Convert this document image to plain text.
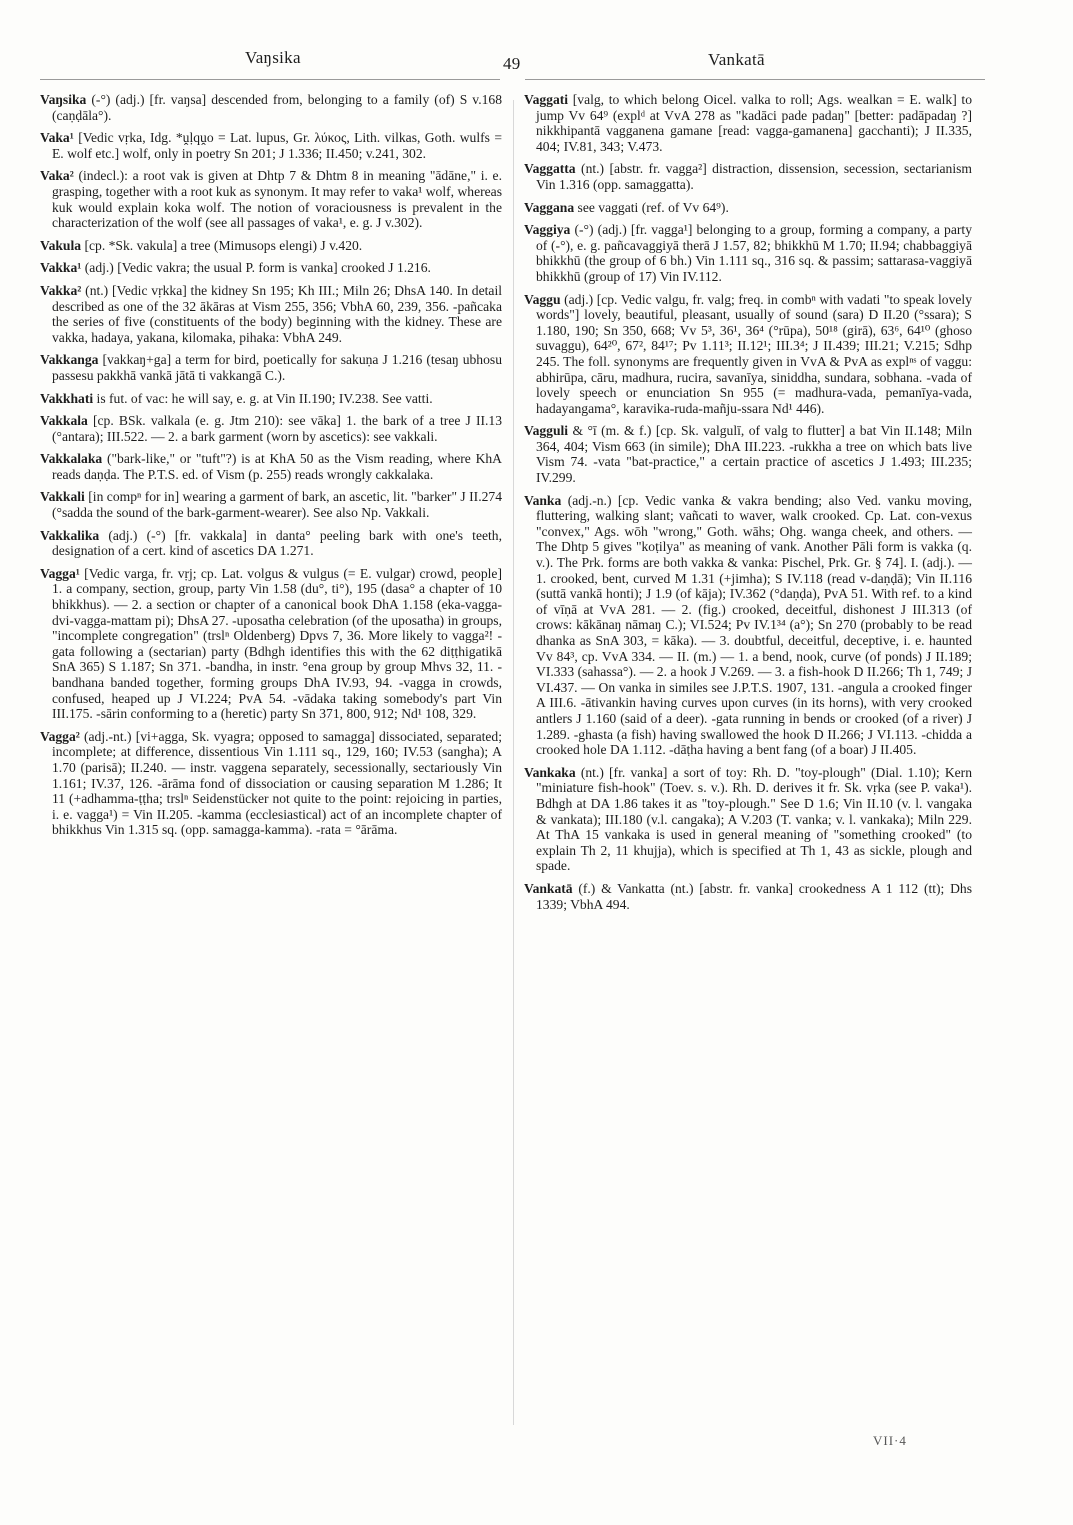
Vaŋsika	49	Vankatā

Vaŋsika (-°) (adj.) [fr. vaŋsa] descended from, belonging to a family (of) S v.168 (caṇḍāla°).

Vaka¹ [Vedic vṛka, Idg. *ṷḷqṷo = Lat. lupus, Gr. λύκος, Lith. vilkas, Goth. wulfs = E. wolf etc.] wolf, only in poetry Sn 201; J 1.336; II.450; v.241, 302.

Vaka² (indecl.): a root vak is given at Dhtp 7 & Dhtm 8 in meaning "ādāne," i. e. grasping, together with a root kuk as synonym. It may refer to vaka¹ wolf, whereas kuk would explain koka wolf. The notion of voraciousness is prevalent in the characterization of the wolf (see all passages of vaka¹, e. g. J v.302).

Vakula [cp. *Sk. vakula] a tree (Mimusops elengi) J v.420.

Vakka¹ (adj.) [Vedic vakra; the usual P. form is vanka] crooked J 1.216.

Vakka² (nt.) [Vedic vṛkka] the kidney Sn 195; Kh III.; Miln 26; DhsA 140. In detail described as one of the 32 ākāras at Vism 255, 356; VbhA 60, 239, 356. -pañcaka the series of five (constituents of the body) beginning with the kidney. These are vakka, hadaya, yakana, kilomaka, pihaka: VbhA 249.

Vakkanga [vakkaŋ+ga] a term for bird, poetically for sakuṇa J 1.216 (tesaŋ ubhosu passesu pakkhā vankā jātā ti vakkangā C.).

Vakkhati is fut. of vac: he will say, e. g. at Vin II.190; IV.238. See vatti.

Vakkala [cp. BSk. valkala (e. g. Jtm 210): see vāka] 1. the bark of a tree J II.13 (°antara); III.522. — 2. a bark garment (worn by ascetics): see vakkali.

Vakkalaka ("bark-like," or "tuft"?) is at KhA 50 as the Vism reading, where KhA reads daṇḍa. The P.T.S. ed. of Vism (p. 255) reads wrongly cakkalaka.

Vakkali [in compⁿ for in] wearing a garment of bark, an ascetic, lit. "barker" J II.274 (°sadda the sound of the bark-garment-wearer). See also Np. Vakkali.

Vakkalika (adj.) (-°) [fr. vakkala] in danta° peeling bark with one's teeth, designation of a cert. kind of ascetics DA 1.271.

Vagga¹ [Vedic varga, fr. vṛj; cp. Lat. volgus & vulgus (= E. vulgar) crowd, people] 1. a company, section, group, party Vin 1.58 (du°, ti°), 195 (dasa° a chapter of 10 bhikkhus). — 2. a section or chapter of a canonical book DhA 1.158 (eka-vagga-dvi-vagga-mattam pi); DhsA 27. -uposatha celebration (of the uposatha) in groups, "incomplete congregation" (trslⁿ Oldenberg) Dpvs 7, 36. More likely to vagga²! -gata following a (sectarian) party (Bdhgh identifies this with the 62 diṭṭhigatikā SnA 365) S 1.187; Sn 371. -bandha, in instr. °ena group by group Mhvs 32, 11. -bandhana banded together, forming groups DhA IV.93, 94. -vagga in crowds, confused, heaped up J VI.224; PvA 54. -vādaka taking somebody's part Vin III.175. -sārin conforming to a (heretic) party Sn 371, 800, 912; Nd¹ 108, 329.

Vagga² (adj.-nt.) [vi+agga, Sk. vyagra; opposed to samagga] dissociated, separated; incomplete; at difference, dissentious Vin 1.111 sq., 129, 160; IV.53 (sangha); A 1.70 (parisā); II.240. — instr. vaggena separately, secessionally, sectariously Vin 1.161; IV.37, 126. -ārāma fond of dissociation or causing separation M 1.286; It 11 (+adhamma-ṭṭha; trslⁿ Seidenstücker not quite to the point: rejoicing in parties, i. e. vagga¹) = Vin II.205. -kamma (ecclesiastical) act of an incomplete chapter of bhikkhus Vin 1.315 sq. (opp. samagga-kamma). -rata = °ārāma.

Vaggati [valg, to which belong Oicel. valka to roll; Ags. wealkan = E. walk] to jump Vv 64⁹ (explᵈ at VvA 278 as "kadāci pade padaŋ" [better: padāpadaŋ ?] nikkhipantā vagganena gamane [read: vagga-gamanena] gacchanti); J II.335, 404; IV.81, 343; V.473.

Vaggatta (nt.) [abstr. fr. vagga²] distraction, dissension, secession, sectarianism Vin 1.316 (opp. samaggatta).

Vaggana see vaggati (ref. of Vv 64⁹).

Vaggiya (-°) (adj.) [fr. vagga¹] belonging to a group, forming a company, a party of (-°), e. g. pañcavaggiyā therā J 1.57, 82; bhikkhū M 1.70; II.94; chabbaggiyā bhikkhū (the group of 6 bh.) Vin 1.111 sq., 316 sq. & passim; sattarasa-vaggiyā bhikkhū (group of 17) Vin IV.112.

Vaggu (adj.) [cp. Vedic valgu, fr. valg; freq. in combⁿ with vadati "to speak lovely words"] lovely, beautiful, pleasant, usually of sound (sara) D II.20 (°ssara); S 1.180, 190; Sn 350, 668; Vv 5³, 36¹, 36⁴ (°rūpa), 50¹⁸ (girā), 63⁶, 64¹⁰ (ghoso suvaggu), 64²⁰, 67², 84¹⁷; Pv 1.11³; II.12¹; III.3⁴; J II.439; III.21; V.215; Sdhp 245. The foll. synonyms are frequently given in VvA & PvA as explⁿˢ of vaggu: abhirūpa, cāru, madhura, rucira, savanīya, siniddha, sundara, sobhana. -vada of lovely speech or enunciation Sn 955 (= madhura-vada, pemanīya-vada, hadayangama°, karavika-ruda-mañju-ssara Nd¹ 446).

Vagguli & °ī (m. & f.) [cp. Sk. valgulī, of valg to flutter] a bat Vin II.148; Miln 364, 404; Vism 663 (in simile); DhA III.223. -rukkha a tree on which bats live Vism 74. -vata "bat-practice," a certain practice of ascetics J 1.493; III.235; IV.299.

Vanka (adj.-n.) [cp. Vedic vanka & vakra bending; also Ved. vanku moving, fluttering, walking slant; vañcati to waver, walk crooked. Cp. Lat. con-vexus "convex," Ags. wōh "wrong," Goth. wāhs; Ohg. wanga cheek, and others. — The Dhtp 5 gives "koṭilya" as meaning of vank. Another Pāli form is vakka (q. v.). The Prk. forms are both vakka & vanka: Pischel, Prk. Gr. § 74]. I. (adj.). — 1. crooked, bent, curved M 1.31 (+jimha); S IV.118 (read v-daṇḍā); Vin II.116 (suttā vankā honti); J 1.9 (of kāja); IV.362 (°daṇḍa), PvA 51. With ref. to a kind of vīṇā at VvA 281. — 2. (fig.) crooked, deceitful, dishonest J III.313 (of crows: kākānaŋ nāmaŋ C.); VI.524; Pv IV.1³⁴ (a°); Sn 270 (probably to be read dhanka as SnA 303, = kāka). — 3. doubtful, deceitful, deceptive, i. e. haunted Vv 84³, cp. VvA 334. — II. (m.) — 1. a bend, nook, curve (of ponds) J II.189; VI.333 (sahassa°). — 2. a hook J V.269. — 3. a fish-hook D II.266; Th 1, 749; J VI.437. — On vanka in similes see J.P.T.S. 1907, 131. -angula a crooked finger A III.6. -ātivankin having curves upon curves (in its horns), with very crooked antlers J 1.160 (said of a deer). -gata running in bends or crooked (of a river) J 1.289. -ghasta (a fish) having swallowed the hook D II.266; J VI.113. -chidda a crooked hole DA 1.112. -dāṭha having a bent fang (of a boar) J II.405.

Vankaka (nt.) [fr. vanka] a sort of toy: Rh. D. "toy-plough" (Dial. 1.10); Kern "miniature fish-hook" (Toev. s. v.). Rh. D. derives it fr. Sk. vṛka (see P. vaka¹). Bdhgh at DA 1.86 takes it as "toy-plough." See D 1.6; Vin II.10 (v. l. vangaka & vankata); III.180 (v.l. cangaka); A V.203 (T. vanka; v. l. vankaka); Miln 229. At ThA 15 vankaka is used in general meaning of "something crooked" (to explain Th 2, 11 khujja), which is specified at Th 1, 43 as sickle, plough and spade.

Vankatā (f.) & Vankatta (nt.) [abstr. fr. vanka] crookedness A 1 112 (tt); Dhs 1339; VbhA 494.

VII·4
